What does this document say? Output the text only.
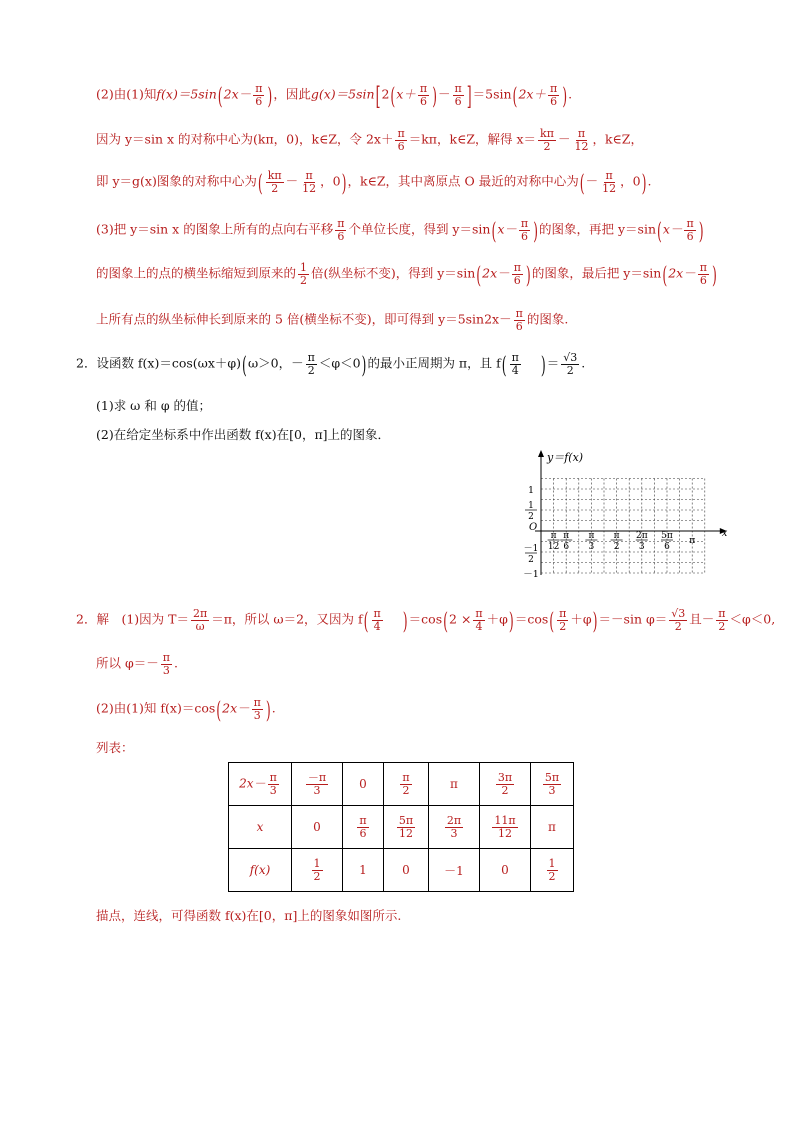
(2)由(1)知$f(x)=5\sin(2x- \frac{\pi}{6}$ )，因此$g(x)=5\sin[2(x+ \frac{\pi}{6}$ )－ $\frac{\pi}{6} ]=5\sin(2x+ \frac{\pi}{6}$ ).
因为 y＝sin x 的对称中心为(kπ，0)，k∈Z，令 $2x+ \frac{\pi}{6} =k\pi$，k∈Z，解得 $x= \frac{k\pi}{2} - \frac{\pi}{12}$ ，k∈Z，
即 y＝g(x)图象的对称中心为( $\frac{k\pi}{2} - \frac{\pi}{12}$ ，0)，k∈Z，其中离原点 O 最近的对称中心为(－ $\frac{\pi}{12}$ ，0).
(3)把 y＝sin x 的图象上所有的点向右平移 $\frac{\pi}{6}$ 个单位长度，得到 $y=\sin(x- \frac{\pi}{6}$ )的图象，再把 $y=\sin(x- \frac{\pi}{6}$ )
的图象上的点的横坐标缩短到原来的 $\frac{1}{2}$ 倍(纵坐标不变)，得到 $y=\sin(2x- \frac{\pi}{6}$ )的图象，最后把 $y=\sin(2x- \frac{\pi}{6}$ )
上所有点的纵坐标伸长到原来的 5 倍(横坐标不变)，即可得到 $y=5\sin 2x- \frac{\pi}{6}$ 的图象.
2．设函数 f(x)＝cos(ωx＋φ)(ω＞0，－ $\frac{\pi}{2} <\varphi<0$)的最小正周期为 π，且 $f( \frac{\pi}{4}$ )＝ $\frac{√3}{2}$ .
(1)求 ω 和 φ 的值；
(2)在给定坐标系中作出函数 f(x)在[0，π]上的图象．
y＝f(x)
x
O
1
1
2
－1
2
－1
π
12
π
6
π
3
π
2
2π
3
5π
6
π
2．解　(1)因为 $T= \frac{2\pi}{\omega} =\pi$，所以 ω＝2，又因为 $f( \frac{\pi}{4} )=\cos(2 \times \frac{\pi}{4} +\varphi)=\cos( \frac{\pi}{2} +\varphi)=-\sin$ $\varphi= \frac{√3}{2}$ 且－ $\frac{\pi}{2} <\varphi<0$,
所以 $\varphi=- \frac{\pi}{3}$ .
(2)由(1)知 $f(x)=\cos(2x- \frac{\pi}{3}$ ).
列表：
$2x- \frac{\pi}{3}$	$\frac{-\pi}{3}$	0	$\frac{\pi}{2}$	π	$\frac{3\pi}{2}$	$\frac{5\pi}{3}$

x	0	$\frac{\pi}{6}$	$\frac{5\pi}{12}$	$\frac{2\pi}{3}$	$\frac{11\pi}{12}$	π
f(x)	$\frac{1}{2}$	1	0	－1	0	$\frac{1}{2}$
描点，连线，可得函数 f(x)在[0，π]上的图象如图所示.
